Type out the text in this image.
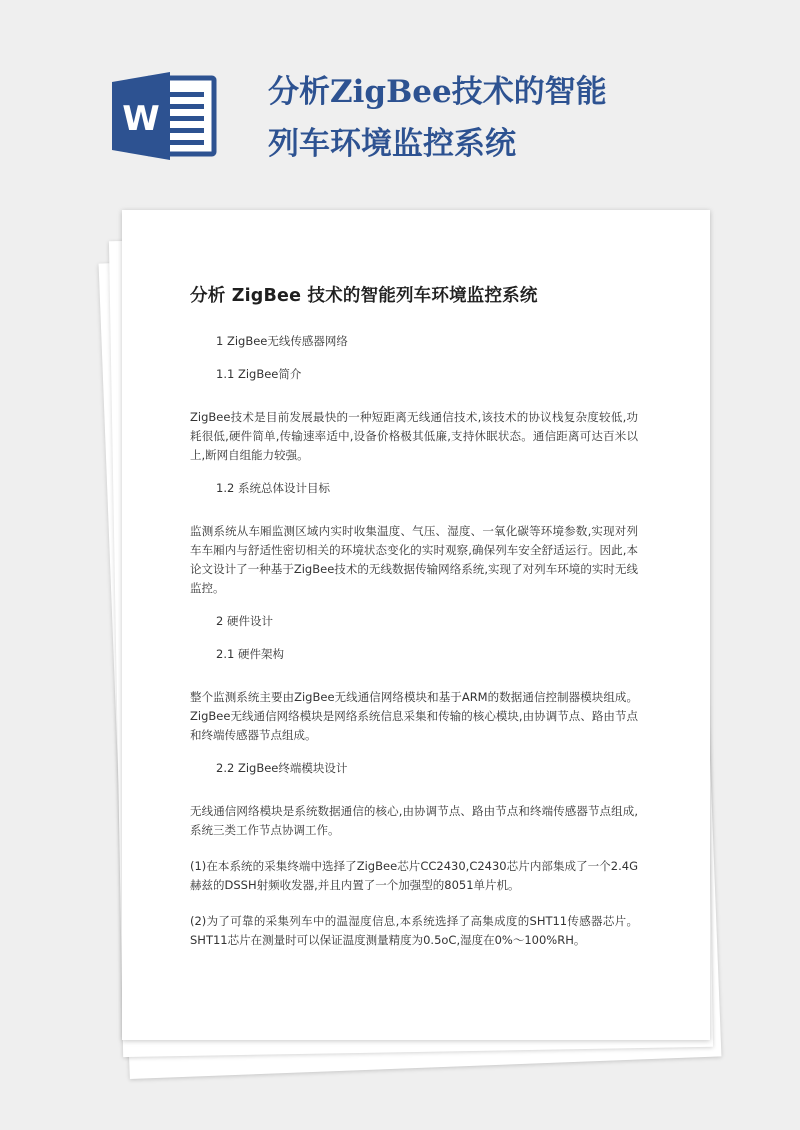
W
分析ZigBee技术的智能
列车环境监控系统
分析 ZigBee 技术的智能列车环境监控系统
1 ZigBee无线传感器网络
1.1 ZigBee简介

ZigBee技术是目前发展最快的一种短距离无线通信技术,该技术的协议栈复杂度较低,功耗很低,硬件简单,传输速率适中,设备价格极其低廉,支持休眠状态。通信距离可达百米以上,断网自组能力较强。

1.2 系统总体设计目标

监测系统从车厢监测区域内实时收集温度、气压、湿度、一氧化碳等环境参数,实现对列车车厢内与舒适性密切相关的环境状态变化的实时观察,确保列车安全舒适运行。因此,本论文设计了一种基于ZigBee技术的无线数据传输网络系统,实现了对列车环境的实时无线监控。

2 硬件设计
2.1 硬件架构

整个监测系统主要由ZigBee无线通信网络模块和基于ARM的数据通信控制器模块组成。ZigBee无线通信网络模块是网络系统信息采集和传输的核心模块,由协调节点、路由节点和终端传感器节点组成。

2.2 ZigBee终端模块设计

无线通信网络模块是系统数据通信的核心,由协调节点、路由节点和终端传感器节点组成,系统三类工作节点协调工作。

(1)在本系统的采集终端中选择了ZigBee芯片CC2430,C2430芯片内部集成了一个2.4G赫兹的DSSH射频收发器,并且内置了一个加强型的8051单片机。

(2)为了可靠的采集列车中的温湿度信息,本系统选择了高集成度的SHT11传感器芯片。SHT11芯片在测量时可以保证温度测量精度为0.5oC,湿度在0%～100%RH。
